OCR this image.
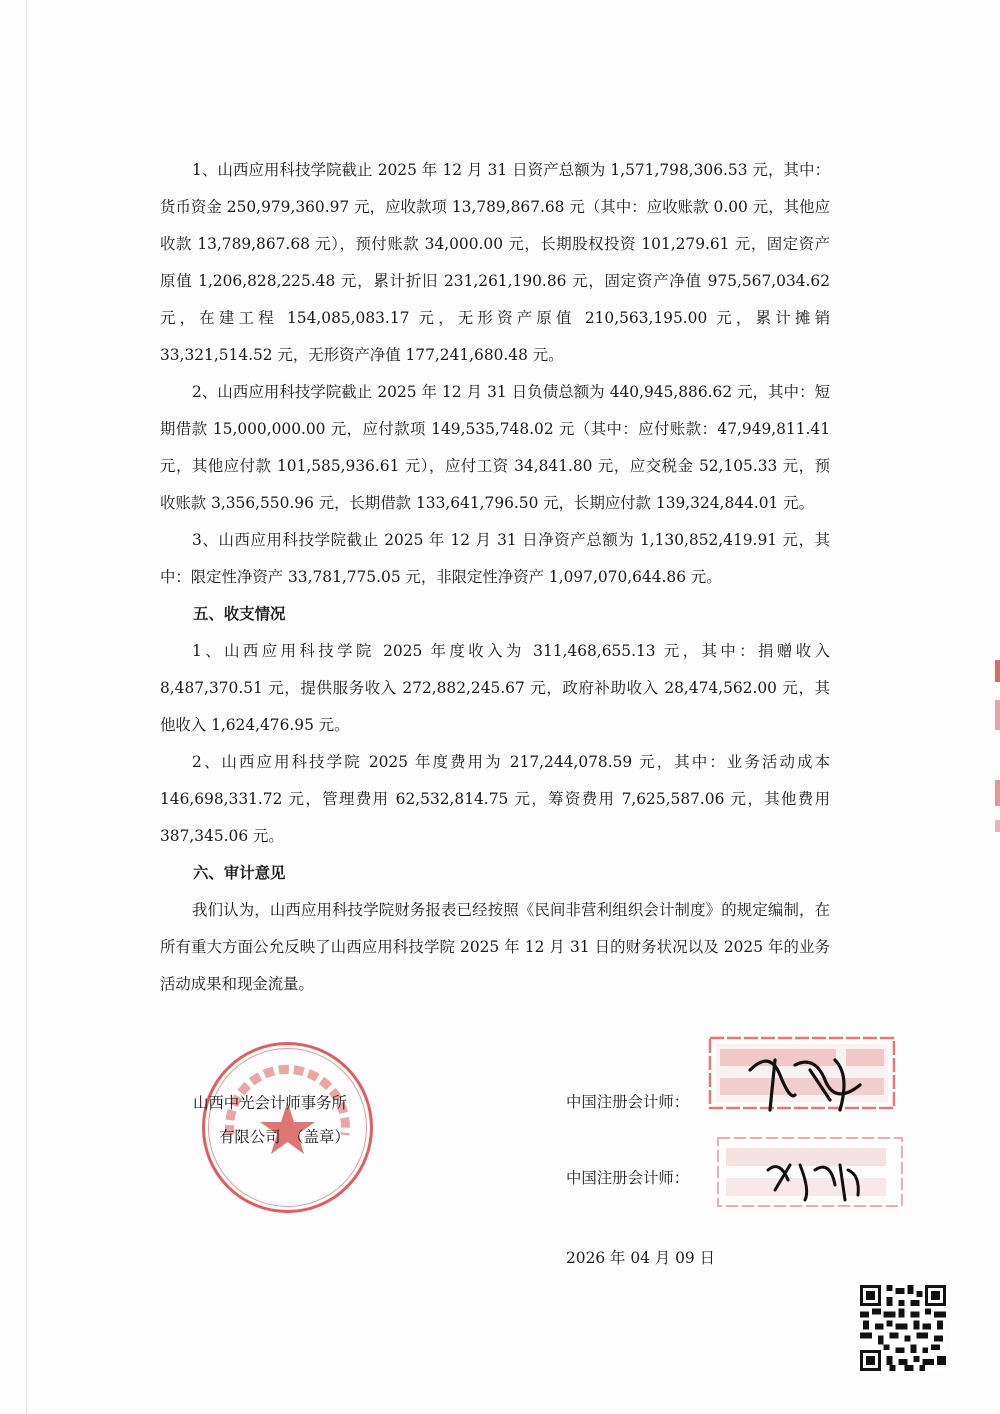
1、山西应用科技学院截止 2025 年 12 月 31 日资产总额为 1,571,798,306.53 元，其中：货币资金 250,979,360.97 元，应收款项 13,789,867.68 元（其中：应收账款 0.00 元，其他应收款 13,789,867.68 元），预付账款 34,000.00 元，长期股权投资 101,279.61 元，固定资产原值 1,206,828,225.48 元，累计折旧 231,261,190.86 元，固定资产净值 975,567,034.62 元，在建工程 154,085,083.17 元，无形资产原值 210,563,195.00 元，累计摊销 33,321,514.52 元，无形资产净值 177,241,680.48 元。

2、山西应用科技学院截止 2025 年 12 月 31 日负债总额为 440,945,886.62 元，其中：短期借款 15,000,000.00 元，应付款项 149,535,748.02 元（其中：应付账款：47,949,811.41 元，其他应付款 101,585,936.61 元），应付工资 34,841.80 元，应交税金 52,105.33 元，预收账款 3,356,550.96 元，长期借款 133,641,796.50 元，长期应付款 139,324,844.01 元。

3、山西应用科技学院截止 2025 年 12 月 31 日净资产总额为 1,130,852,419.91 元，其中：限定性净资产 33,781,775.05 元，非限定性净资产 1,097,070,644.86 元。

五、收支情况

1、山西应用科技学院 2025 年度收入为 311,468,655.13 元，其中：捐赠收入 8,487,370.51 元，提供服务收入 272,882,245.67 元，政府补助收入 28,474,562.00 元，其他收入 1,624,476.95 元。

2、山西应用科技学院 2025 年度费用为 217,244,078.59 元，其中：业务活动成本 146,698,331.72 元，管理费用 62,532,814.75 元，筹资费用 7,625,587.06 元，其他费用 387,345.06 元。

六、审计意见

我们认为，山西应用科技学院财务报表已经按照《民间非营利组织会计制度》的规定编制，在所有重大方面公允反映了山西应用科技学院 2025 年 12 月 31 日的财务状况以及 2025 年的业务活动成果和现金流量。

山西中光会计师事务所
有限公司　（盖章）
中国注册会计师：
中国注册会计师：
2026 年 04 月 09 日
